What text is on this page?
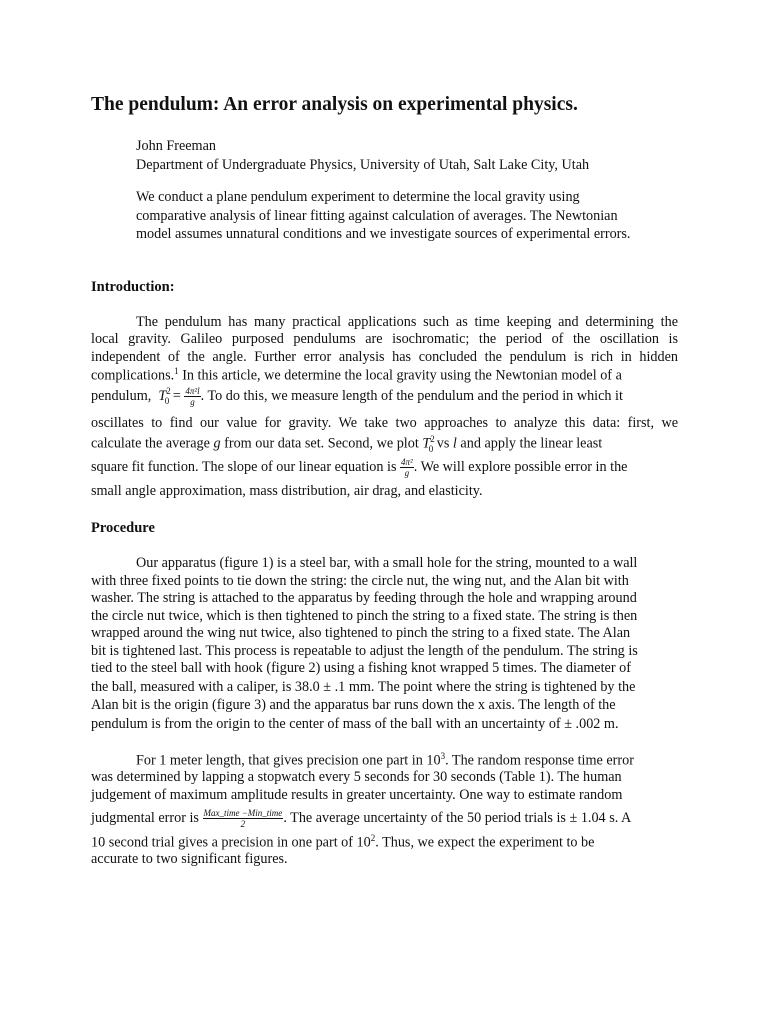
The pendulum: An error analysis on experimental physics.
John Freeman
Department of Undergraduate Physics, University of Utah, Salt Lake City, Utah
We conduct a plane pendulum experiment to determine the local gravity using
comparative analysis of linear fitting against calculation of averages. The Newtonian
model assumes unnatural conditions and we investigate sources of experimental errors.
Introduction:
The pendulum has many practical applications such as time keeping and determining the
local gravity. Galileo purposed pendulums are isochromatic; the period of the oscillation is
independent of the angle. Further error analysis has concluded the pendulum is rich in hidden
complications.$^1$ In this article, we determine the local gravity using the Newtonian model of a
pendulum, $T^2_0 = \frac{\text{4π²l}}{g}$ . To do this, we measure length of the pendulum and the period in which it
oscillates to find our value for gravity. We take two approaches to analyze this data: first, we
calculate the average g from our data set. Second, we plot $T^2_0$ vs l and apply the linear least
square fit function. The slope of our linear equation is $\frac{\text{4π²}}{g}$ . We will explore possible error in the
small angle approximation, mass distribution, air drag, and elasticity.
Procedure
Our apparatus (figure 1) is a steel bar, with a small hole for the string, mounted to a wall
with three fixed points to tie down the string: the circle nut, the wing nut, and the Alan bit with
washer. The string is attached to the apparatus by feeding through the hole and wrapping around
the circle nut twice, which is then tightened to pinch the string to a fixed state. The string is then
wrapped around the wing nut twice, also tightened to pinch the string to a fixed state. The Alan
bit is tightened last. This process is repeatable to adjust the length of the pendulum. The string is
tied to the steel ball with hook (figure 2) using a fishing knot wrapped 5 times. The diameter of
the ball, measured with a caliper, is 38.0 ± .1 mm. The point where the string is tightened by the
Alan bit is the origin (figure 3) and the apparatus bar runs down the x axis. The length of the
pendulum is from the origin to the center of mass of the ball with an uncertainty of ± .002 m.
For 1 meter length, that gives precision one part in $10^3$. The random response time error
was determined by lapping a stopwatch every 5 seconds for 30 seconds (Table 1). The human
judgement of maximum amplitude results in greater uncertainty. One way to estimate random
judgmental error is $\frac{\text{Max\_time −Min\_time}}{2}$ . The average uncertainty of the 50 period trials is ± 1.04 s. A
10 second trial gives a precision in one part of $10^2$. Thus, we expect the experiment to be
accurate to two significant figures.
